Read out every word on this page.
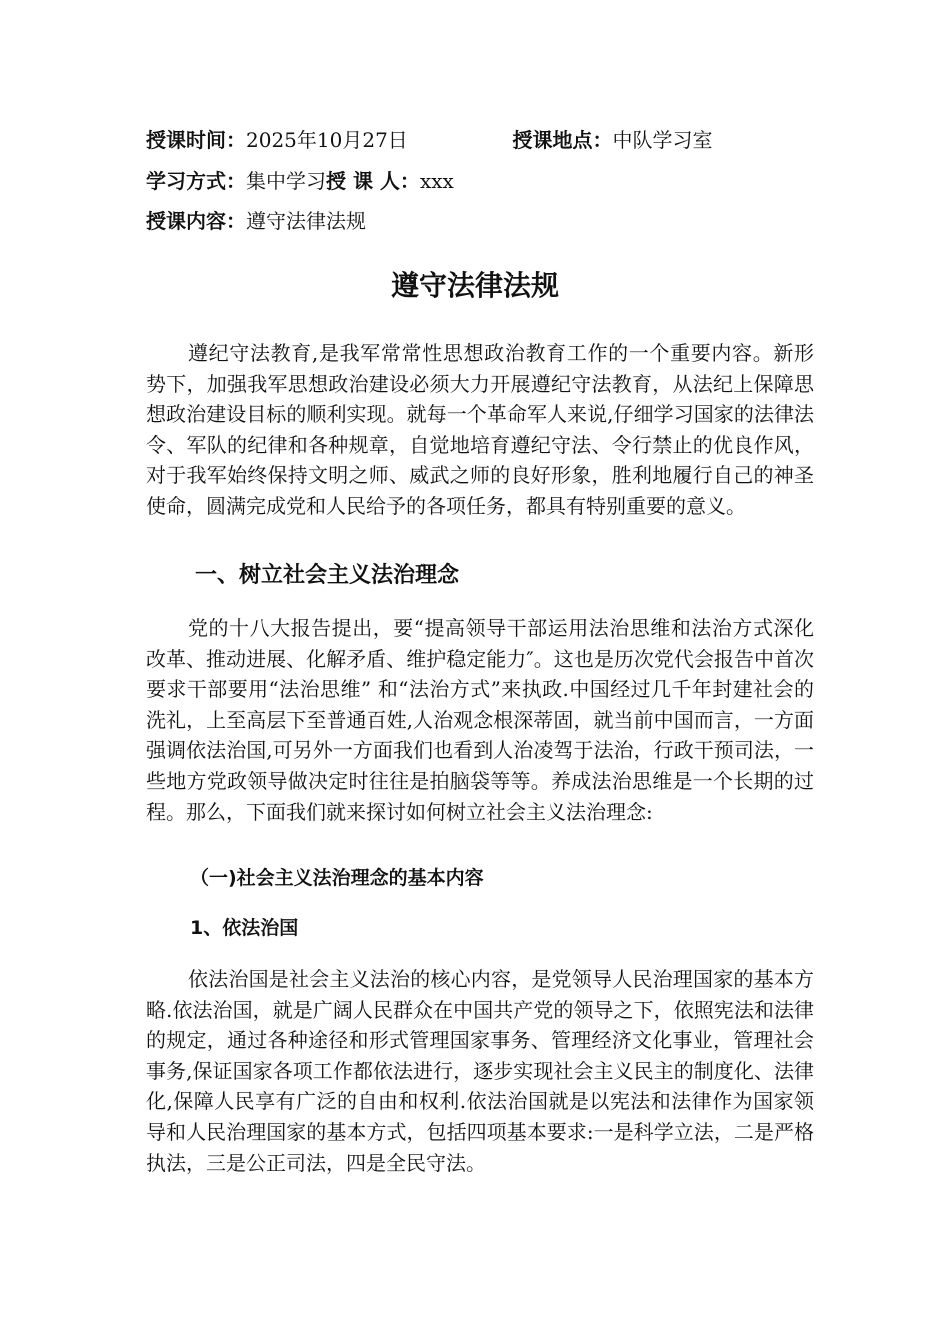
授课时间：2025年10月27日	授课地点：中队学习室
学习方式：集中学习授 课 人：xxx
授课内容：遵守法律法规
遵守法律法规

遵纪守法教育,是我军常常性思想政治教育工作的一个重要内容。新形势下，加强我军思想政治建设必须大力开展遵纪守法教育，从法纪上保障思想政治建设目标的顺利实现。就每一个革命军人来说,仔细学习国家的法律法令、军队的纪律和各种规章，自觉地培育遵纪守法、令行禁止的优良作风，对于我军始终保持文明之师、威武之师的良好形象，胜利地履行自己的神圣使命，圆满完成党和人民给予的各项任务，都具有特别重要的意义。

一、树立社会主义法治理念

党的十八大报告提出，要“提高领导干部运用法治思维和法治方式深化改革、推动进展、化解矛盾、维护稳定能力″。这也是历次党代会报告中首次要求干部要用“法治思维” 和“法治方式”来执政.中国经过几千年封建社会的洗礼，上至高层下至普通百姓,人治观念根深蒂固，就当前中国而言，一方面强调依法治国,可另外一方面我们也看到人治凌驾于法治，行政干预司法，一些地方党政领导做决定时往往是拍脑袋等等。养成法治思维是一个长期的过程。那么，下面我们就来探讨如何树立社会主义法治理念:

（一)社会主义法治理念的基本内容
1、依法治国

依法治国是社会主义法治的核心内容，是党领导人民治理国家的基本方略.依法治国，就是广阔人民群众在中国共产党的领导之下，依照宪法和法律的规定，通过各种途径和形式管理国家事务、管理经济文化事业，管理社会事务,保证国家各项工作都依法进行，逐步实现社会主义民主的制度化、法律化,保障人民享有广泛的自由和权利.依法治国就是以宪法和法律作为国家领导和人民治理国家的基本方式，包括四项基本要求:一是科学立法，二是严格执法，三是公正司法，四是全民守法。
